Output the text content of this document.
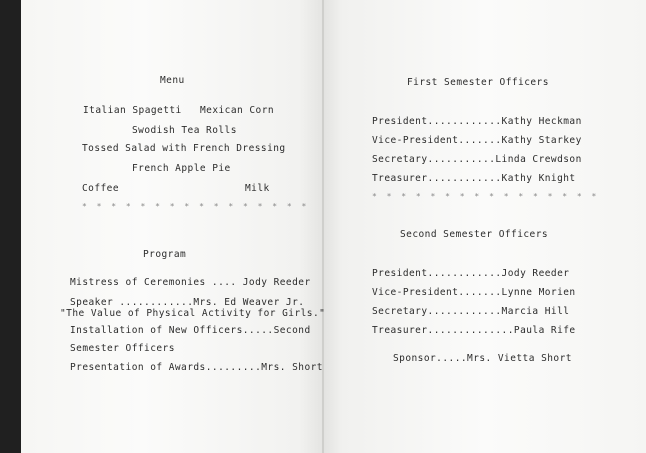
Menu
Italian Spagetti Mexican Corn
Swodish Tea Rolls
Tossed Salad with French Dressing
French Apple Pie
Coffee	Milk
* * * * * * * * * * * * * * * *
Program
Mistress of Ceremonies .... Jody Reeder
Speaker ............Mrs. Ed Weaver Jr.
"The Value of Physical Activity for Girls."
Installation of New Officers.....Second
Semester Officers
Presentation of Awards.........Mrs. Short
First Semester Officers
President............Kathy Heckman
Vice-President.......Kathy Starkey
Secretary...........Linda Crewdson
Treasurer............Kathy Knight
* * * * * * * * * * * * * * * *
Second Semester Officers
President............Jody Reeder
Vice-President.......Lynne Morien
Secretary............Marcia Hill
Treasurer..............Paula Rife
Sponsor.....Mrs. Vietta Short
